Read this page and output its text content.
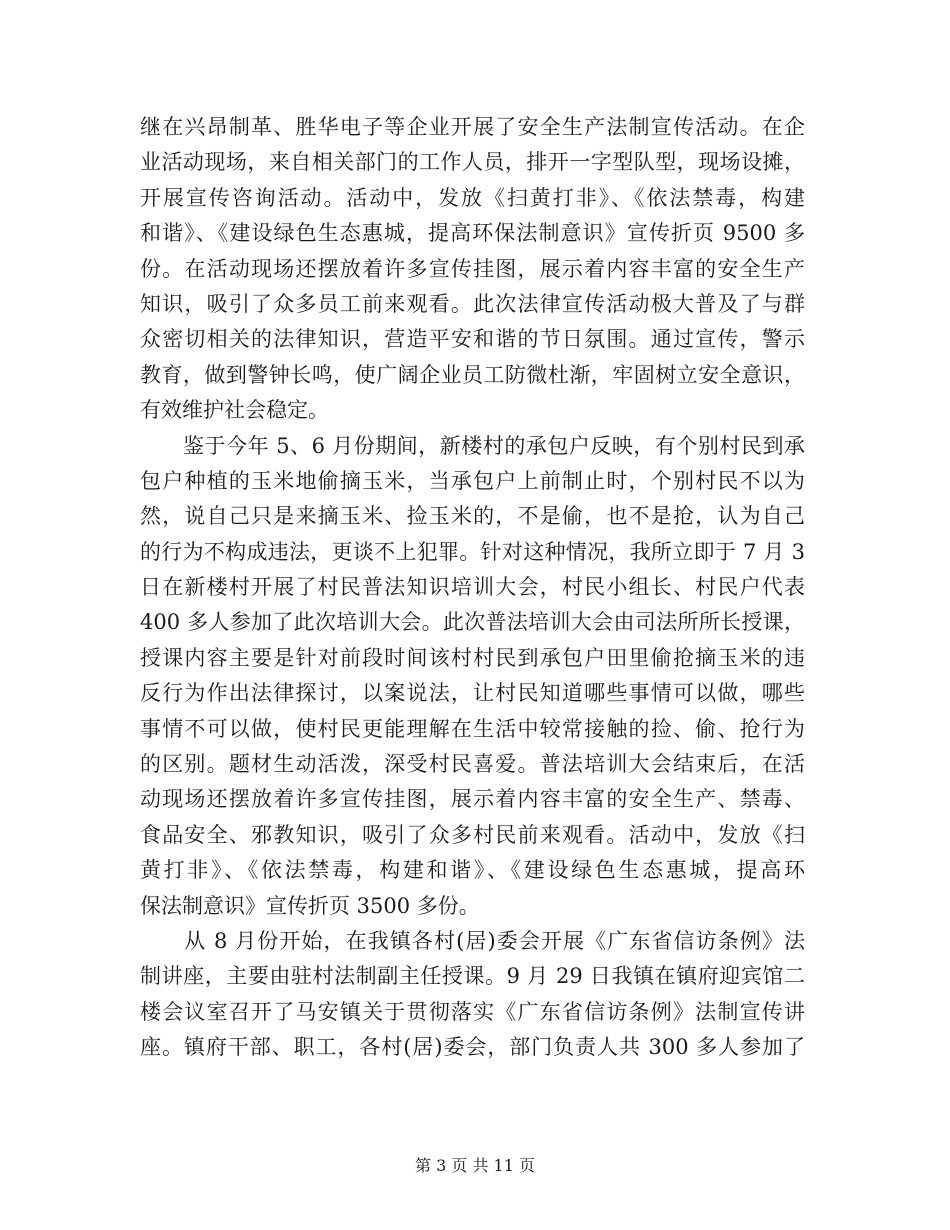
继在兴昂制革、胜华电子等企业开展了安全生产法制宣传活动。在企
业活动现场，来自相关部门的工作人员，排开一字型队型，现场设摊，
开展宣传咨询活动。活动中，发放《扫黄打非》、《依法禁毒，构建
和谐》、《建设绿色生态惠城，提高环保法制意识》宣传折页 9500 多
份。在活动现场还摆放着许多宣传挂图，展示着内容丰富的安全生产
知识，吸引了众多员工前来观看。此次法律宣传活动极大普及了与群
众密切相关的法律知识，营造平安和谐的节日氛围。通过宣传，警示
教育，做到警钟长鸣，使广阔企业员工防微杜渐，牢固树立安全意识，
有效维护社会稳定。
　　鉴于今年 5、6 月份期间，新楼村的承包户反映，有个别村民到承
包户种植的玉米地偷摘玉米，当承包户上前制止时，个别村民不以为
然，说自己只是来摘玉米、捡玉米的，不是偷，也不是抢，认为自己
的行为不构成违法，更谈不上犯罪。针对这种情况，我所立即于 7 月 3
日在新楼村开展了村民普法知识培训大会，村民小组长、村民户代表
400 多人参加了此次培训大会。此次普法培训大会由司法所所长授课，
授课内容主要是针对前段时间该村村民到承包户田里偷抢摘玉米的违
反行为作出法律探讨，以案说法，让村民知道哪些事情可以做，哪些
事情不可以做，使村民更能理解在生活中较常接触的捡、偷、抢行为
的区别。题材生动活泼，深受村民喜爱。普法培训大会结束后，在活
动现场还摆放着许多宣传挂图，展示着内容丰富的安全生产、禁毒、
食品安全、邪教知识，吸引了众多村民前来观看。活动中，发放《扫
黄打非》、《依法禁毒，构建和谐》、《建设绿色生态惠城，提高环
保法制意识》宣传折页 3500 多份。
　　从 8 月份开始，在我镇各村(居)委会开展《广东省信访条例》法
制讲座，主要由驻村法制副主任授课。9 月 29 日我镇在镇府迎宾馆二
楼会议室召开了马安镇关于贯彻落实《广东省信访条例》法制宣传讲
座。镇府干部、职工，各村(居)委会，部门负责人共 300 多人参加了
第 3 页 共 11 页
